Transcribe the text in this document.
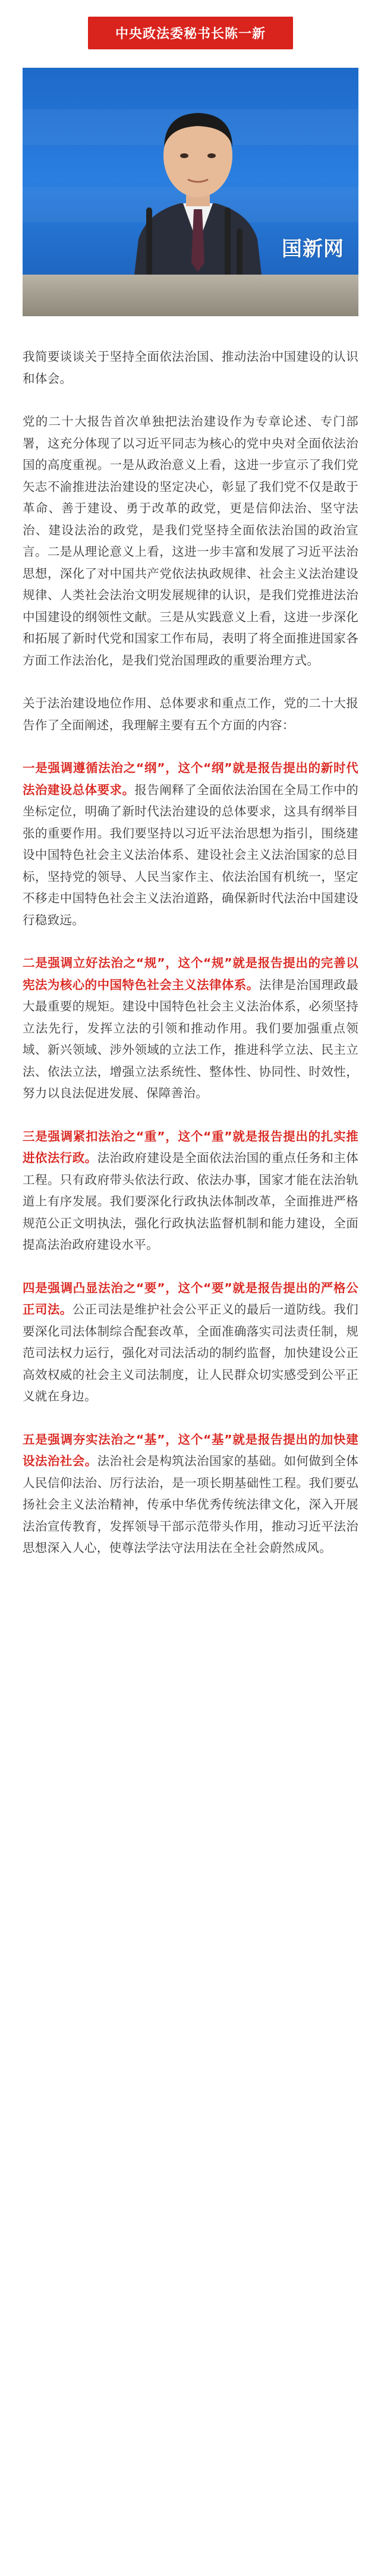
中央政法委秘书长陈一新
国新网

我简要谈谈关于坚持全面依法治国、推动法治中国建设的认识和体会。

党的二十大报告首次单独把法治建设作为专章论述、专门部署，这充分体现了以习近平同志为核心的党中央对全面依法治国的高度重视。一是从政治意义上看，这进一步宣示了我们党矢志不渝推进法治建设的坚定决心，彰显了我们党不仅是敢于革命、善于建设、勇于改革的政党，更是信仰法治、坚守法治、建设法治的政党，是我们党坚持全面依法治国的政治宣言。二是从理论意义上看，这进一步丰富和发展了习近平法治思想，深化了对中国共产党依法执政规律、社会主义法治建设规律、人类社会法治文明发展规律的认识，是我们党推进法治中国建设的纲领性文献。三是从实践意义上看，这进一步深化和拓展了新时代党和国家工作布局，表明了将全面推进国家各方面工作法治化，是我们党治国理政的重要治理方式。

关于法治建设地位作用、总体要求和重点工作，党的二十大报告作了全面阐述，我理解主要有五个方面的内容：

一是强调遵循法治之“纲”，这个“纲”就是报告提出的新时代法治建设总体要求。报告阐释了全面依法治国在全局工作中的坐标定位，明确了新时代法治建设的总体要求，这具有纲举目张的重要作用。我们要坚持以习近平法治思想为指引，围绕建设中国特色社会主义法治体系、建设社会主义法治国家的总目标，坚持党的领导、人民当家作主、依法治国有机统一，坚定不移走中国特色社会主义法治道路，确保新时代法治中国建设行稳致远。

二是强调立好法治之“规”，这个“规”就是报告提出的完善以宪法为核心的中国特色社会主义法律体系。法律是治国理政最大最重要的规矩。建设中国特色社会主义法治体系，必须坚持立法先行，发挥立法的引领和推动作用。我们要加强重点领域、新兴领域、涉外领域的立法工作，推进科学立法、民主立法、依法立法，增强立法系统性、整体性、协同性、时效性，努力以良法促进发展、保障善治。

三是强调紧扣法治之“重”，这个“重”就是报告提出的扎实推进依法行政。法治政府建设是全面依法治国的重点任务和主体工程。只有政府带头依法行政、依法办事，国家才能在法治轨道上有序发展。我们要深化行政执法体制改革，全面推进严格规范公正文明执法，强化行政执法监督机制和能力建设，全面提高法治政府建设水平。

四是强调凸显法治之“要”，这个“要”就是报告提出的严格公正司法。公正司法是维护社会公平正义的最后一道防线。我们要深化司法体制综合配套改革，全面准确落实司法责任制，规范司法权力运行，强化对司法活动的制约监督，加快建设公正高效权威的社会主义司法制度，让人民群众切实感受到公平正义就在身边。

五是强调夯实法治之“基”，这个“基”就是报告提出的加快建设法治社会。法治社会是构筑法治国家的基础。如何做到全体人民信仰法治、厉行法治，是一项长期基础性工程。我们要弘扬社会主义法治精神，传承中华优秀传统法律文化，深入开展法治宣传教育，发挥领导干部示范带头作用，推动习近平法治思想深入人心，使尊法学法守法用法在全社会蔚然成风。
